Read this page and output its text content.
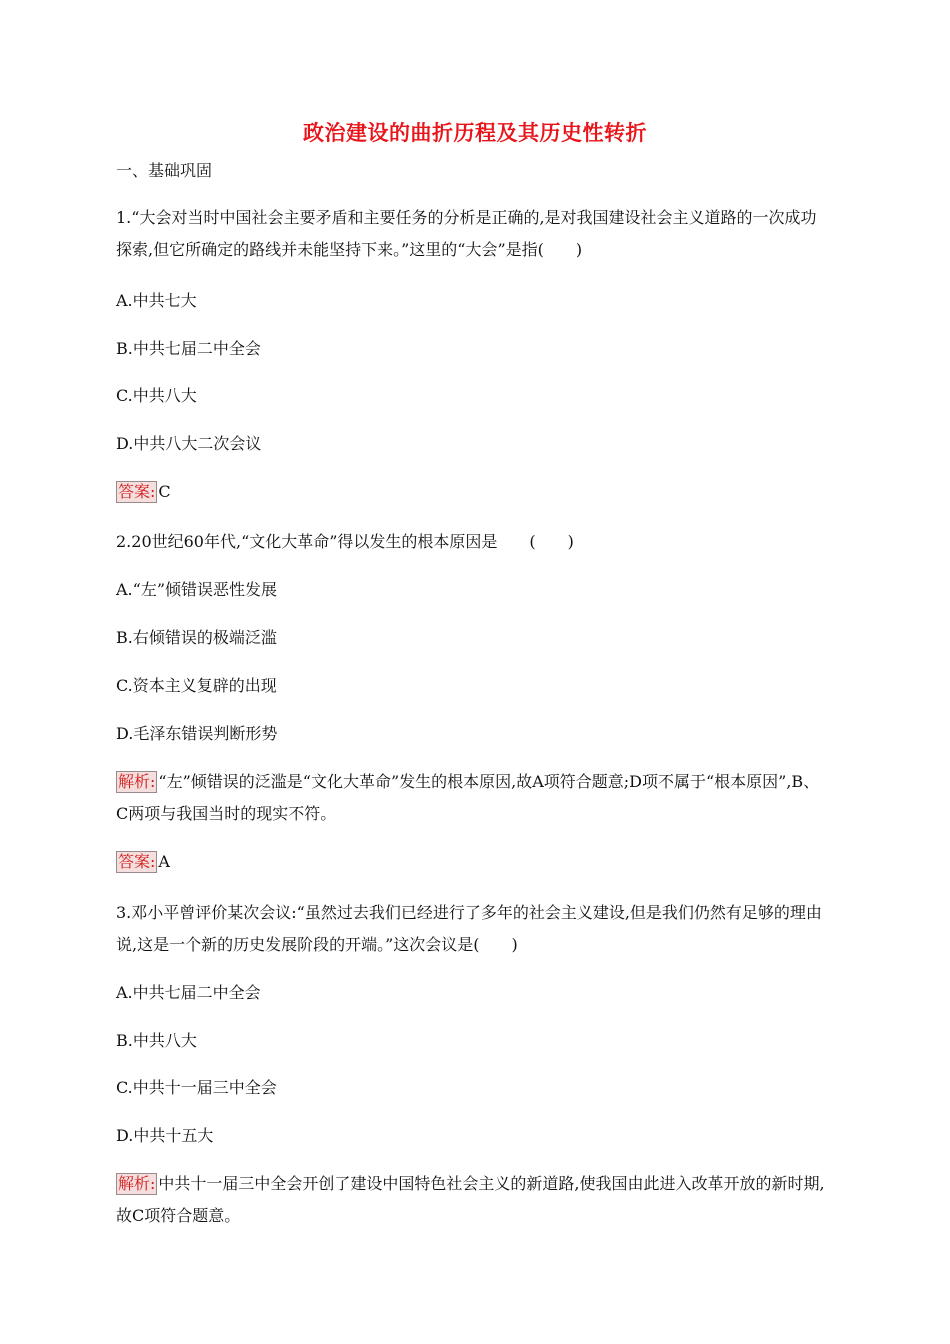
政治建设的曲折历程及其历史性转折
一、基础巩固
1.“大会对当时中国社会主要矛盾和主要任务的分析是正确的,是对我国建设社会主义道路的一次成功探索,但它所确定的路线并未能坚持下来。”这里的“大会”是指(　　)
A.中共七大
B.中共七届二中全会
C.中共八大
D.中共八大二次会议
答案: C
2.20世纪60年代,“文化大革命”得以发生的根本原因是　　(　　)
A.“左”倾错误恶性发展
B.右倾错误的极端泛滥
C.资本主义复辟的出现
D.毛泽东错误判断形势
解析: “左”倾错误的泛滥是“文化大革命”发生的根本原因,故A项符合题意;D项不属于“根本原因”,B、C两项与我国当时的现实不符。
答案: A
3.邓小平曾评价某次会议:“虽然过去我们已经进行了多年的社会主义建设,但是我们仍然有足够的理由说,这是一个新的历史发展阶段的开端。”这次会议是(　　)
A.中共七届二中全会
B.中共八大
C.中共十一届三中全会
D.中共十五大
解析: 中共十一届三中全会开创了建设中国特色社会主义的新道路,使我国由此进入改革开放的新时期,故C项符合题意。
